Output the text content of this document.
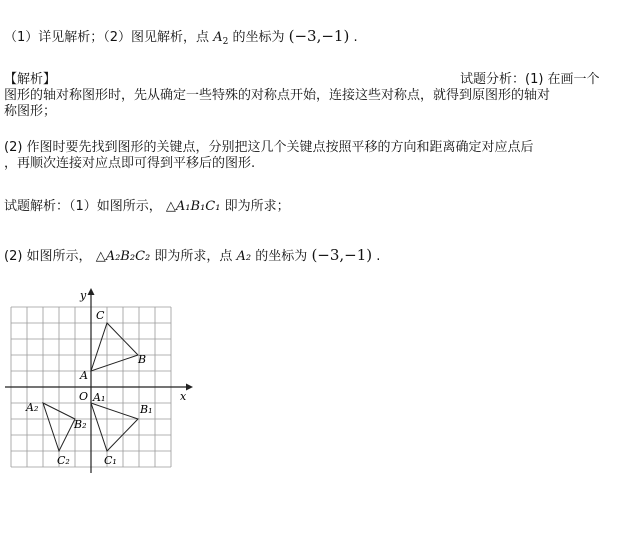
（1）详见解析；（2）图见解析，点 $A_2$ 的坐标为 (−3,−1) .
【解析】	试题分析：(1) 在画一个
图形的轴对称图形时，先从确定一些特殊的对称点开始，连接这些对称点，就得到原图形的轴对
称图形；
(2) 作图时要先找到图形的关键点，分别把这几个关键点按照平移的方向和距离确定对应点后
，再顺次连接对应点即可得到平移后的图形.
试题解析：（1）如图所示， △A₁B₁C₁ 即为所求；
(2) 如图所示， △A₂B₂C₂ 即为所求，点 A₂ 的坐标为 (−3,−1) .
x
y
O
A
B
C
A₁
B₁
C₁
A₂
B₂
C₂
